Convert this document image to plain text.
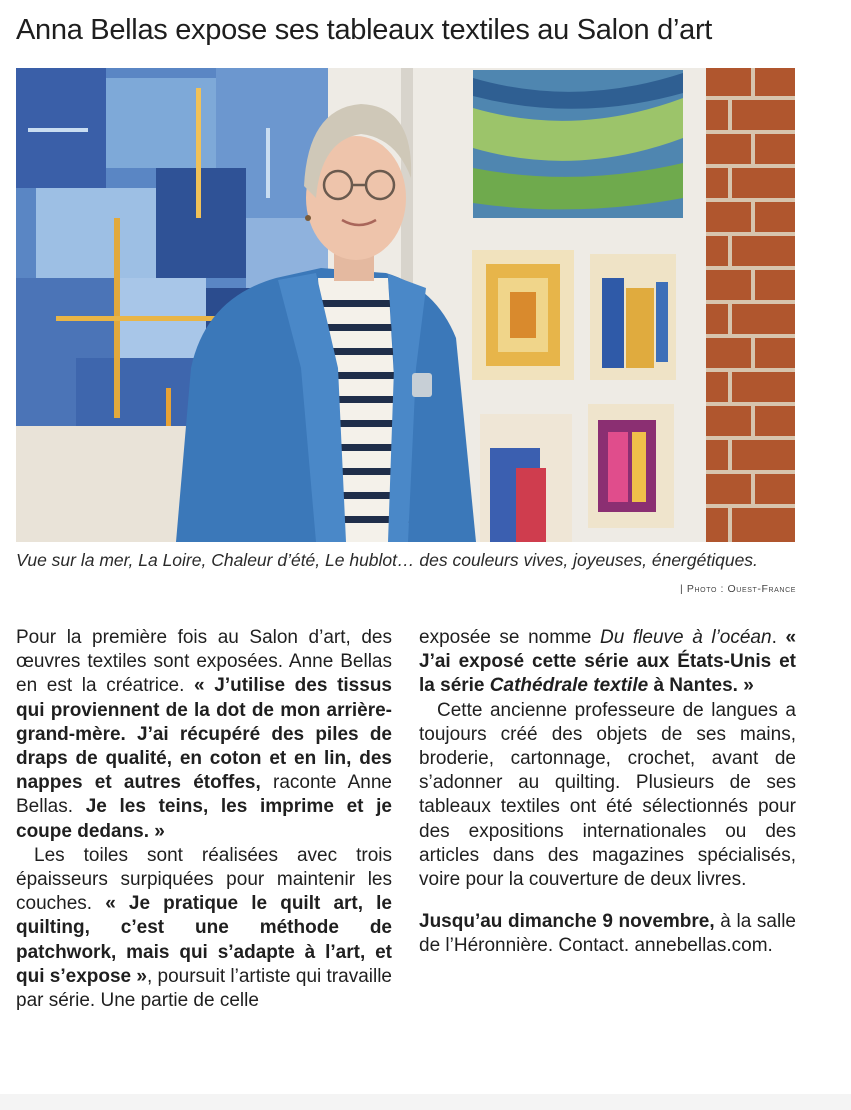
Anna Bellas expose ses tableaux textiles au Salon d’art
Vue sur la mer, La Loire, Chaleur d’été, Le hublot… des couleurs vives, joyeuses, énergétiques.
| Photo : Ouest-France

Pour la première fois au Salon d’art, des œuvres textiles sont exposées. Anne Bellas en est la créatrice. « J’utilise des tissus qui proviennent de la dot de mon arrière-grand-mère. J’ai récupéré des piles de draps de qualité, en coton et en lin, des nappes et autres étoffes, raconte Anne Bellas. Je les teins, les imprime et je coupe dedans. »

Les toiles sont réalisées avec trois épaisseurs surpiquées pour maintenir les couches. « Je pratique le quilt art, le quilting, c’est une méthode de patchwork, mais qui s’adapte à l’art, et qui s’expose », poursuit l’artiste qui travaille par série. Une partie de celle

exposée se nomme Du fleuve à l’océan. « J’ai exposé cette série aux États-Unis et la série Cathédrale textile à Nantes. »

Cette ancienne professeure de langues a toujours créé des objets de ses mains, broderie, cartonnage, crochet, avant de s’adonner au quilting. Plusieurs de ses tableaux textiles ont été sélectionnés pour des expositions internationales ou des articles dans des magazines spécialisés, voire pour la couverture de deux livres.

Jusqu’au dimanche 9 novembre, à la salle de l’Héronnière. Contact. annebellas.com.
